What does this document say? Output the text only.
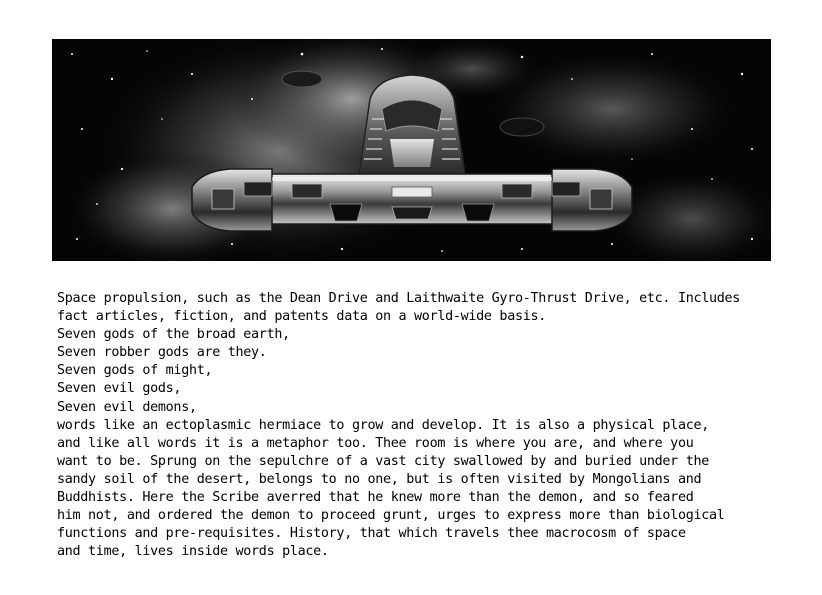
Space propulsion, such as the Dean Drive and Laithwaite Gyro-Thrust Drive, etc. Includes
fact articles, fiction, and patents data on a world-wide basis.
Seven gods of the broad earth,
Seven robber gods are they.
Seven gods of might,
Seven evil gods,
Seven evil demons,
words like an ectoplasmic hermiace to grow and develop. It is also a physical place,
and like all words it is a metaphor too. Thee room is where you are, and where you
want to be. Sprung on the sepulchre of a vast city swallowed by and buried under the
sandy soil of the desert, belongs to no one, but is often visited by Mongolians and
Buddhists. Here the Scribe averred that he knew more than the demon, and so feared
him not, and ordered the demon to proceed grunt, urges to express more than biological
functions and pre-requisites. History, that which travels thee macrocosm of space
and time, lives inside words place.
